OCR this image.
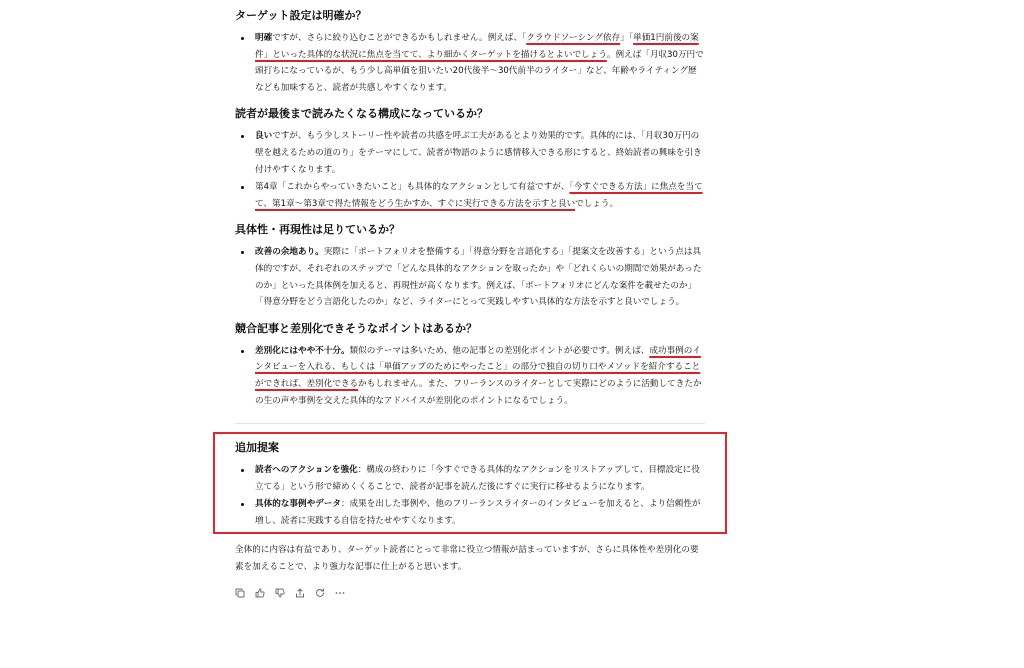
ターゲット設定は明確か？
明確ですが、さらに絞り込むことができるかもしれません。例えば、「クラウドソーシング依存」「単価1円前後の案件」といった具体的な状況に焦点を当てて、より細かくターゲットを描けるとよいでしょう。例えば「月収30万円で頭打ちになっているが、もう少し高単価を狙いたい20代後半〜30代前半のライター」など、年齢やライティング歴なども加味すると、読者が共感しやすくなります。
読者が最後まで読みたくなる構成になっているか？
良いですが、もう少しストーリー性や読者の共感を呼ぶ工夫があるとより効果的です。具体的には、「月収30万円の壁を越えるための道のり」をテーマにして、読者が物語のように感情移入できる形にすると、終始読者の興味を引き付けやすくなります。
第4章「これからやっていきたいこと」も具体的なアクションとして有益ですが、「今すぐできる方法」に焦点を当てて、第1章〜第3章で得た情報をどう生かすか、すぐに実行できる方法を示すと良いでしょう。
具体性・再現性は足りているか？
改善の余地あり。実際に「ポートフォリオを整備する」「得意分野を言語化する」「提案文を改善する」という点は具体的ですが、それぞれのステップで「どんな具体的なアクションを取ったか」や「どれくらいの期間で効果があったのか」といった具体例を加えると、再現性が高くなります。例えば、「ポートフォリオにどんな案件を載せたのか」「得意分野をどう言語化したのか」など、ライターにとって実践しやすい具体的な方法を示すと良いでしょう。
競合記事と差別化できそうなポイントはあるか？
差別化にはやや不十分。類似のテーマは多いため、他の記事との差別化ポイントが必要です。例えば、成功事例のインタビューを入れる、もしくは「単価アップのためにやったこと」の部分で独自の切り口やメソッドを紹介することができれば、差別化できるかもしれません。また、フリーランスのライターとして実際にどのように活動してきたかの生の声や事例を交えた具体的なアドバイスが差別化のポイントになるでしょう。
追加提案
読者へのアクションを強化：構成の終わりに「今すぐできる具体的なアクションをリストアップして、目標設定に役立てる」という形で締めくくることで、読者が記事を読んだ後にすぐに実行に移せるようになります。
具体的な事例やデータ：成果を出した事例や、他のフリーランスライターのインタビューを加えると、より信頼性が増し、読者に実践する自信を持たせやすくなります。

全体的に内容は有益であり、ターゲット読者にとって非常に役立つ情報が詰まっていますが、さらに具体性や差別化の要素を加えることで、より強力な記事に仕上がると思います。
